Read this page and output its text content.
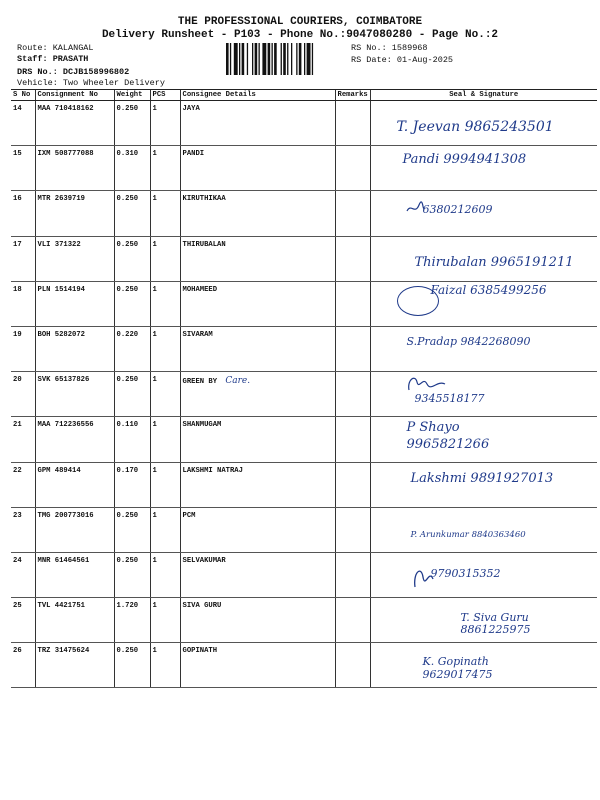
THE PROFESSIONAL COURIERS, COIMBATORE
Delivery Runsheet - P103 - Phone No.:9047080280 - Page No.:2
Route: KALANGAL
Staff: PRASATH
DRS No.: DCJB158996802
Vehicle: Two Wheeler Delivery
RS No.: 1589968
RS Date: 01-Aug-2025
S No	Consignment No	Weight	PCS	Consignee Details	Remarks	Seal & Signature
14	MAA 710418162	0.250	1	JAYA		T. Jeevan 9865243501

15	IXM 508777088	0.310	1	PANDI		Pandi 9994941308

16	MTR 2639719	0.250	1	KIRUTHIKAA		6380212609

17	VLI 371322	0.250	1	THIRUBALAN		Thirubalan 9965191211

18	PLN 1514194	0.250	1	MOHAMEED		Faizal 6385499256

19	BOH 5282072	0.220	1	SIVARAM		S.Pradap 9842268090

20	SVK 65137826	0.250	1	GREEN BY Care.		9345518177

21	MAA 712236556	0.110	1	SHANMUGAM		P Shayo 9965821266

22	GPM 489414	0.170	1	LAKSHMI NATRAJ		Lakshmi 9891927013

23	TMG 200773016	0.250	1	PCM		P. Arunkumar 8840363460

24	MNR 61464561	0.250	1	SELVAKUMAR		9790315352

25	TVL 4421751	1.720	1	SIVA GURU		T. Siva Guru 8861225975

26	TRZ 31475624	0.250	1	GOPINATH		K. Gopinath 9629017475
